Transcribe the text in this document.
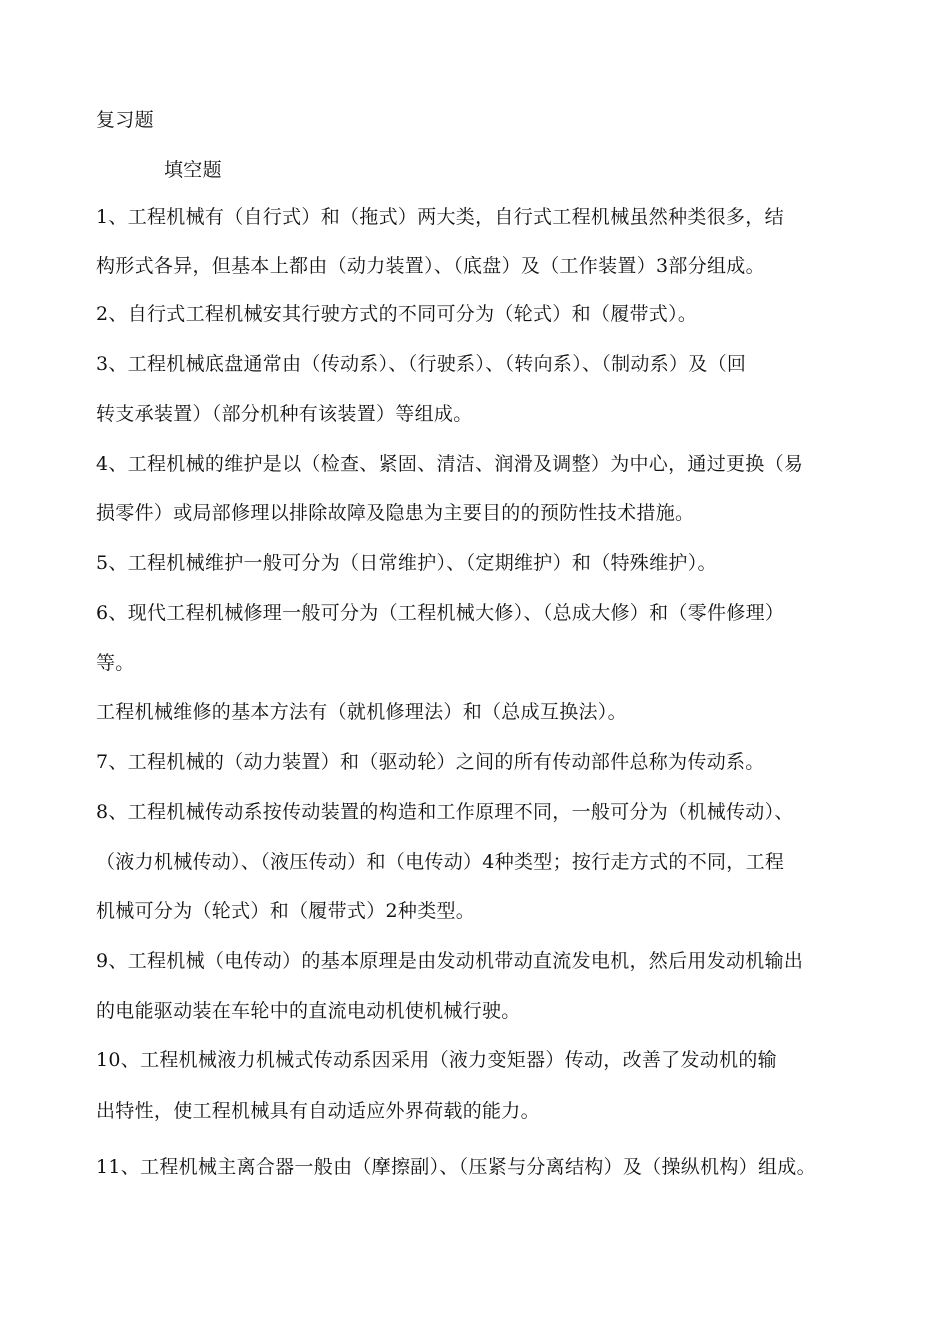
复习题
填空题
1、工程机械有（自行式）和（拖式）两大类，自行式工程机械虽然种类很多，结
构形式各异，但基本上都由（动力装置）、（底盘）及（工作装置）3部分组成。
2、自行式工程机械安其行驶方式的不同可分为（轮式）和（履带式）。
3、工程机械底盘通常由（传动系）、（行驶系）、（转向系）、（制动系）及（回
转支承装置）（部分机种有该装置）等组成。
4、工程机械的维护是以（检查、紧固、清洁、润滑及调整）为中心，通过更换（易
损零件）或局部修理以排除故障及隐患为主要目的的预防性技术措施。
5、工程机械维护一般可分为（日常维护）、（定期维护）和（特殊维护）。
6、现代工程机械修理一般可分为（工程机械大修）、（总成大修）和（零件修理）
等。
工程机械维修的基本方法有（就机修理法）和（总成互换法）。
7、工程机械的（动力装置）和（驱动轮）之间的所有传动部件总称为传动系。
8、工程机械传动系按传动装置的构造和工作原理不同，一般可分为（机械传动）、
（液力机械传动）、（液压传动）和（电传动）4种类型；按行走方式的不同，工程
机械可分为（轮式）和（履带式）2种类型。
9、工程机械（电传动）的基本原理是由发动机带动直流发电机，然后用发动机输出
的电能驱动装在车轮中的直流电动机使机械行驶。
10、工程机械液力机械式传动系因采用（液力变矩器）传动，改善了发动机的输
出特性，使工程机械具有自动适应外界荷载的能力。
11、工程机械主离合器一般由（摩擦副）、（压紧与分离结构）及（操纵机构）组成。
